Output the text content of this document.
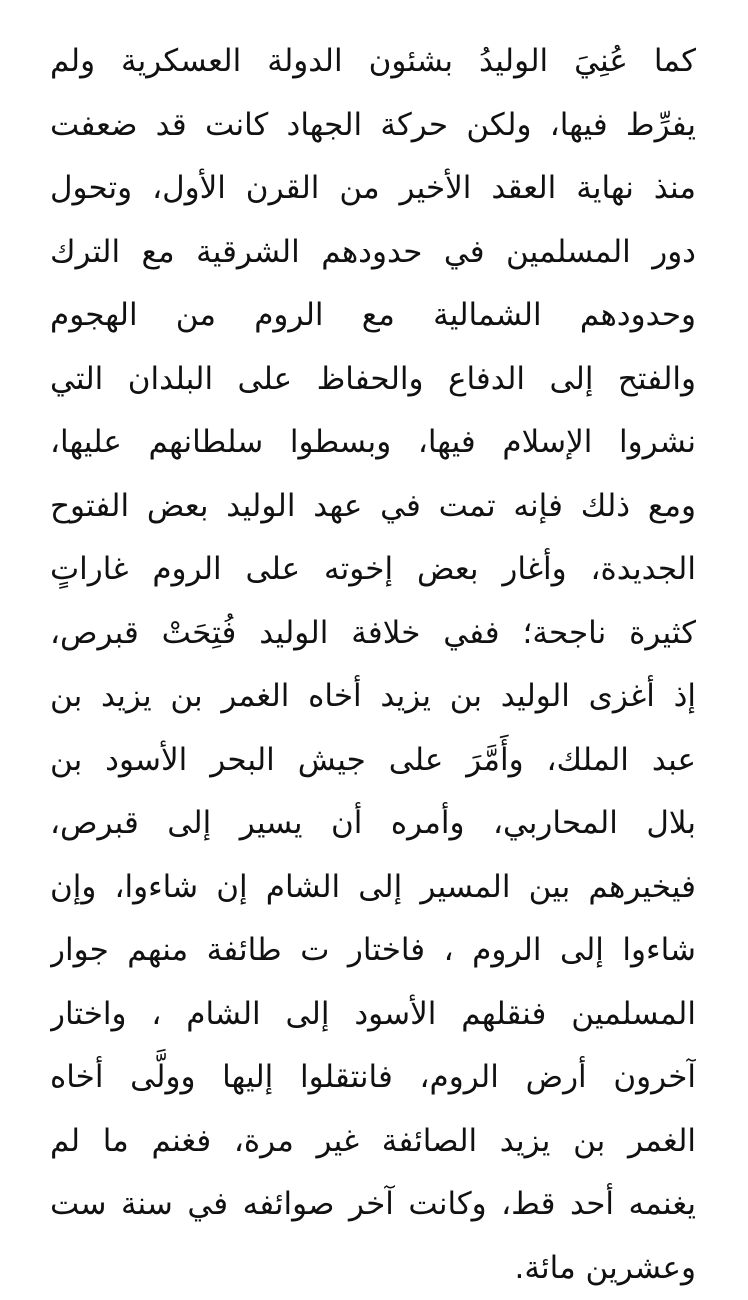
كما عُنِيَ الوليدُ بشئون الدولة العسكرية ولم
يفرِّط فيها، ولكن حركة الجهاد كانت قد ضعفت
منذ نهاية العقد الأخير من القرن الأول، وتحول
دور المسلمين في حدودهم الشرقية مع الترك
وحدودهم الشمالية مع الروم من الهجوم
والفتح إلى الدفاع والحفاظ على البلدان التي
نشروا الإسلام فيها، وبسطوا سلطانهم عليها،
ومع ذلك فإنه تمت في عهد الوليد بعض الفتوح
الجديدة، وأغار بعض إخوته على الروم غاراتٍ
كثيرة ناجحة؛ ففي خلافة الوليد فُتِحَتْ قبرص،
إذ أغزى الوليد بن يزيد أخاه الغمر بن يزيد بن
عبد الملك، وأَمَّرَ على جيش البحر الأسود بن
بلال المحاربي، وأمره أن يسير إلى قبرص،
فيخيرهم بين المسير إلى الشام إن شاءوا، وإن
شاءوا إلى الروم ، فاختار ت طائفة منهم جوار
المسلمين فنقلهم الأسود إلى الشام ، واختار
آخرون أرض الروم، فانتقلوا إليها وولَّى أخاه
الغمر بن يزيد الصائفة غير مرة، فغنم ما لم
يغنمه أحد قط، وكانت آخر صوائفه في سنة ست
وعشرين مائة.
